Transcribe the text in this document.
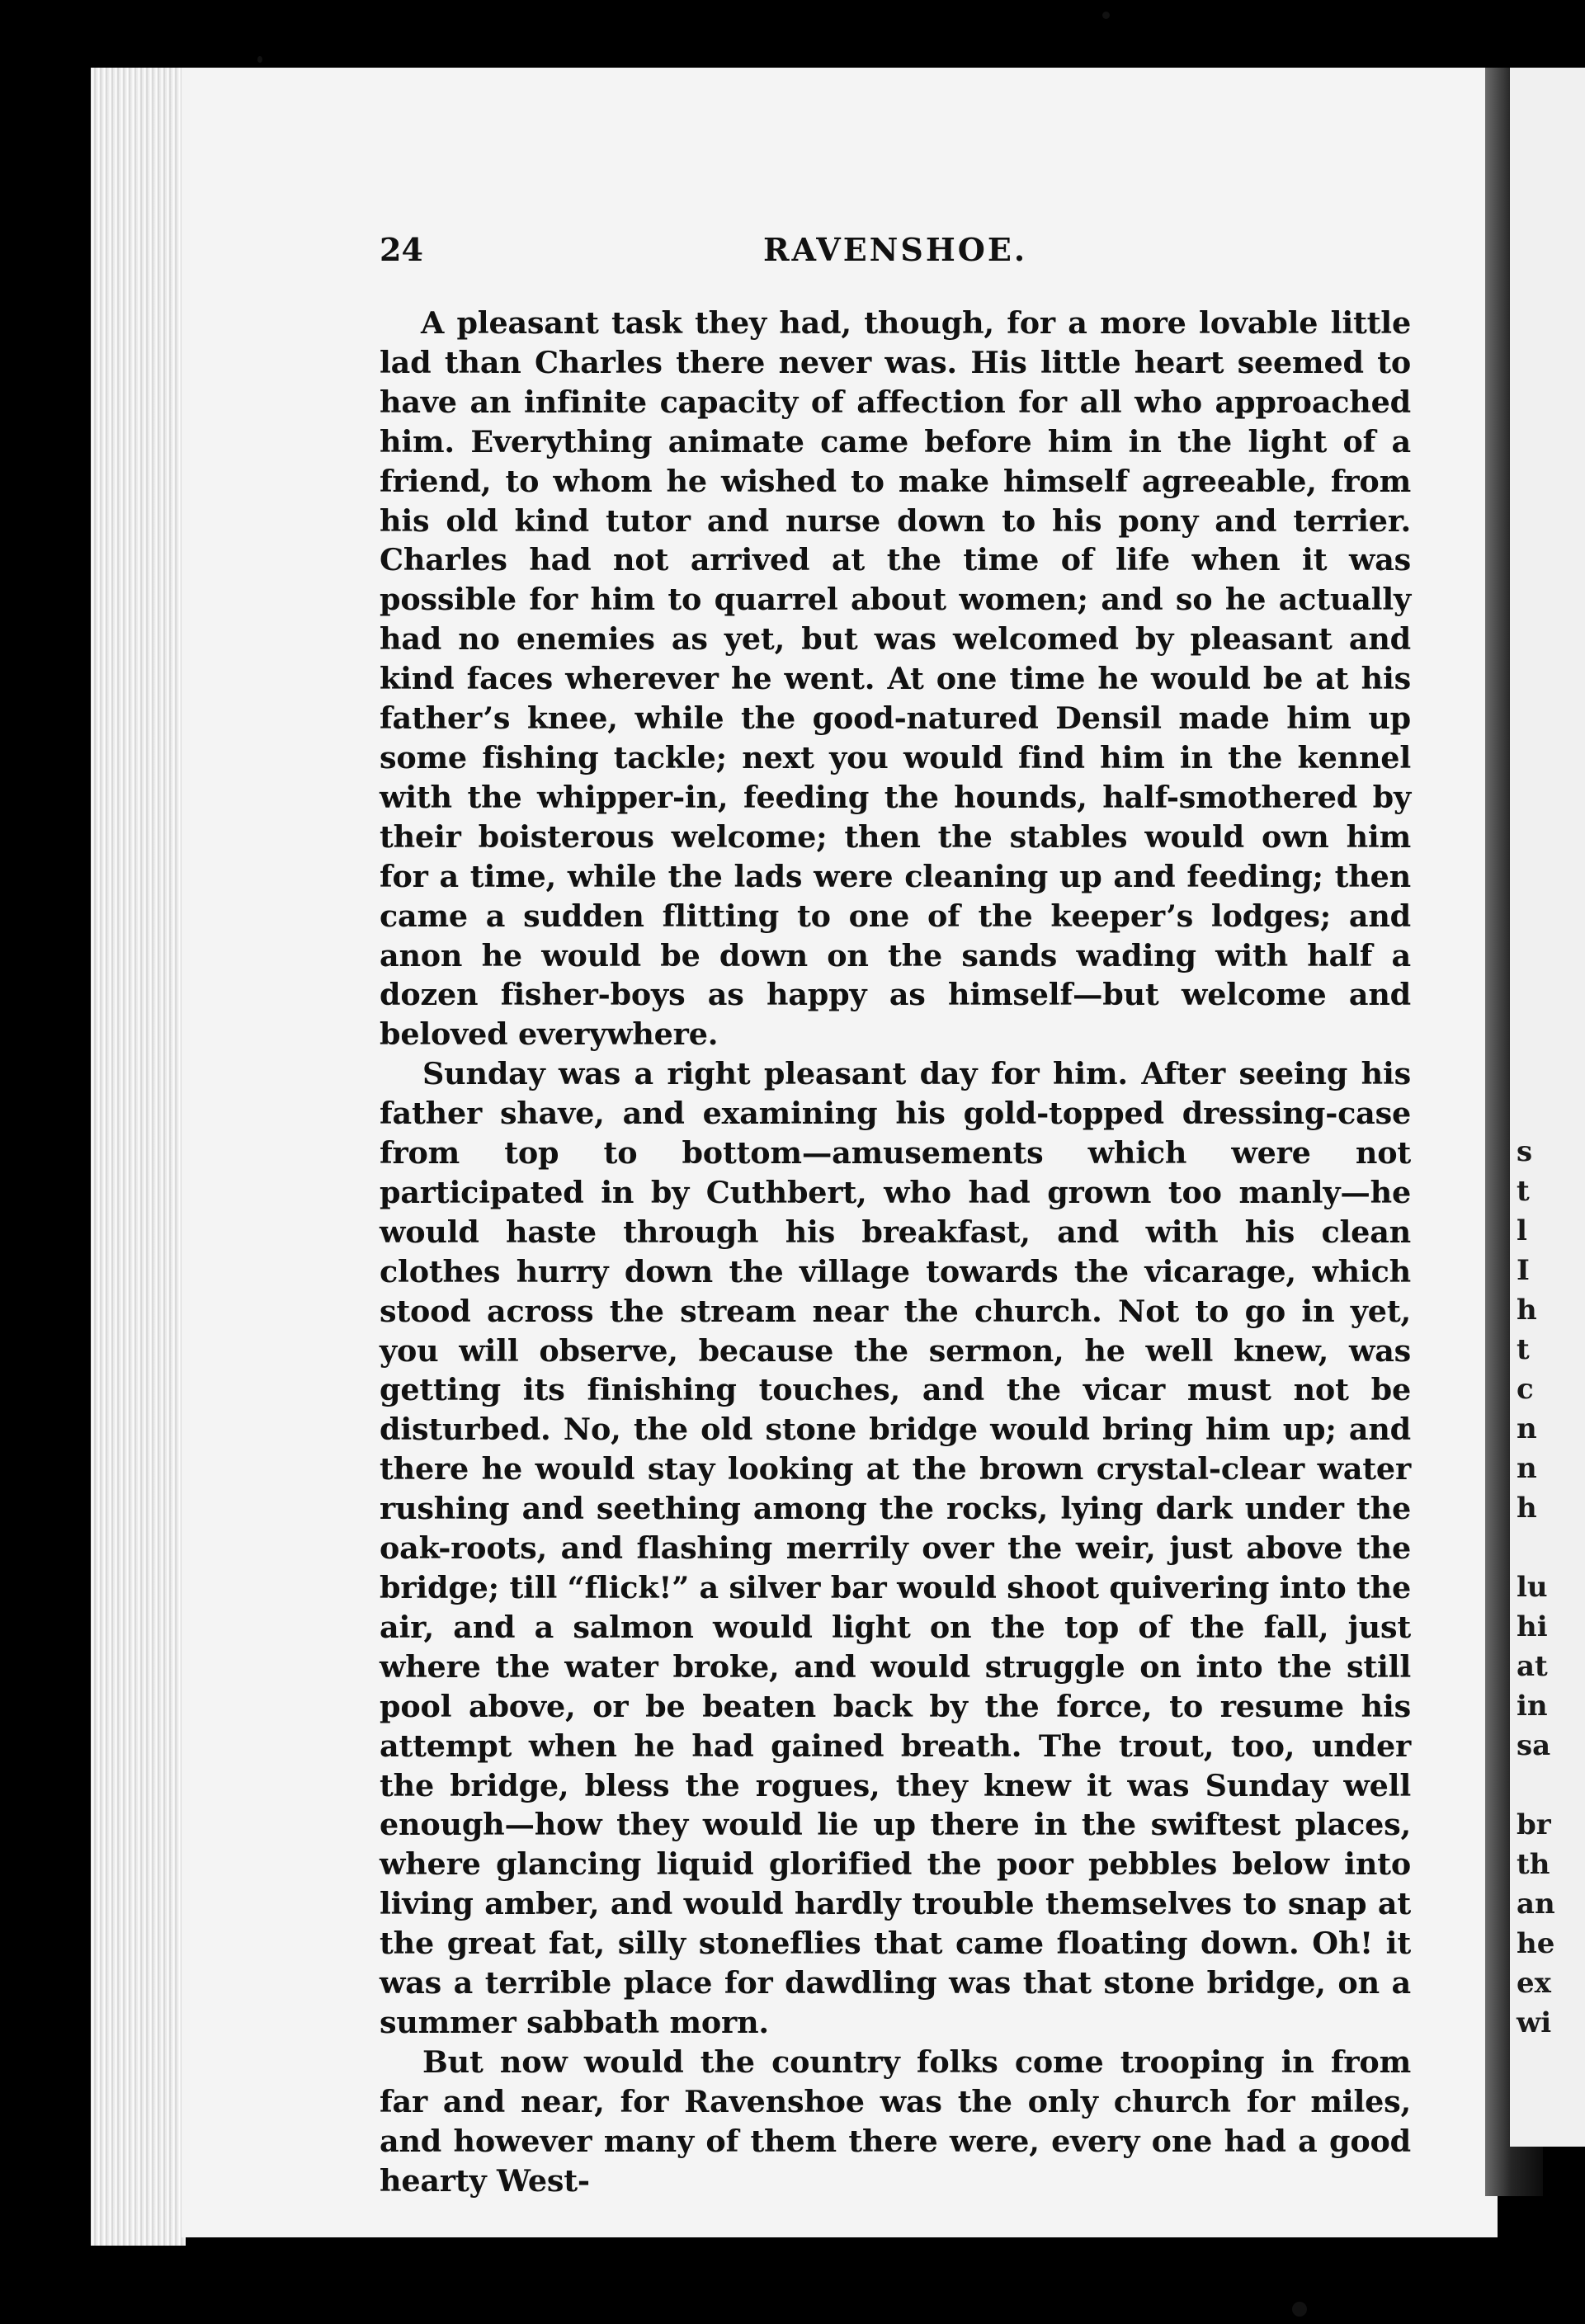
s
t
l
I
h
t
c
n
n
h

lu
hi
at
in
sa

br
th
an
he
ex
wi
24	RAVENSHOE.

A pleasant task they had, though, for a more lovable little lad than Charles there never was. His little heart seemed to have an infinite capacity of affection for all who approached him. Everything animate came before him in the light of a friend, to whom he wished to make himself agreeable, from his old kind tutor and nurse down to his pony and terrier. Charles had not arrived at the time of life when it was possible for him to quarrel about women; and so he actually had no enemies as yet, but was welcomed by pleasant and kind faces wherever he went. At one time he would be at his father’s knee, while the good-natured Densil made him up some fishing tackle; next you would find him in the kennel with the whipper-in, feeding the hounds, half-smothered by their boisterous welcome; then the stables would own him for a time, while the lads were cleaning up and feeding; then came a sudden flitting to one of the keeper’s lodges; and anon he would be down on the sands wading with half a dozen fisher-boys as happy as himself—but welcome and beloved everywhere.

Sunday was a right pleasant day for him. After seeing his father shave, and examining his gold-topped dressing-case from top to bottom—amusements which were not participated in by Cuthbert, who had grown too manly—he would haste through his breakfast, and with his clean clothes hurry down the village towards the vicarage, which stood across the stream near the church. Not to go in yet, you will observe, because the sermon, he well knew, was getting its finishing touches, and the vicar must not be disturbed. No, the old stone bridge would bring him up; and there he would stay looking at the brown crystal-clear water rushing and seething among the rocks, lying dark under the oak-roots, and flashing merrily over the weir, just above the bridge; till “flick!” a silver bar would shoot quivering into the air, and a salmon would light on the top of the fall, just where the water broke, and would struggle on into the still pool above, or be beaten back by the force, to resume his attempt when he had gained breath. The trout, too, under the bridge, bless the rogues, they knew it was Sunday well enough—how they would lie up there in the swiftest places, where glancing liquid glorified the poor pebbles below into living amber, and would hardly trouble themselves to snap at the great fat, silly stoneflies that came floating down. Oh! it was a terrible place for dawdling was that stone bridge, on a summer sabbath morn.

But now would the country folks come trooping in from far and near, for Ravenshoe was the only church for miles, and however many of them there were, every one had a good hearty West-
